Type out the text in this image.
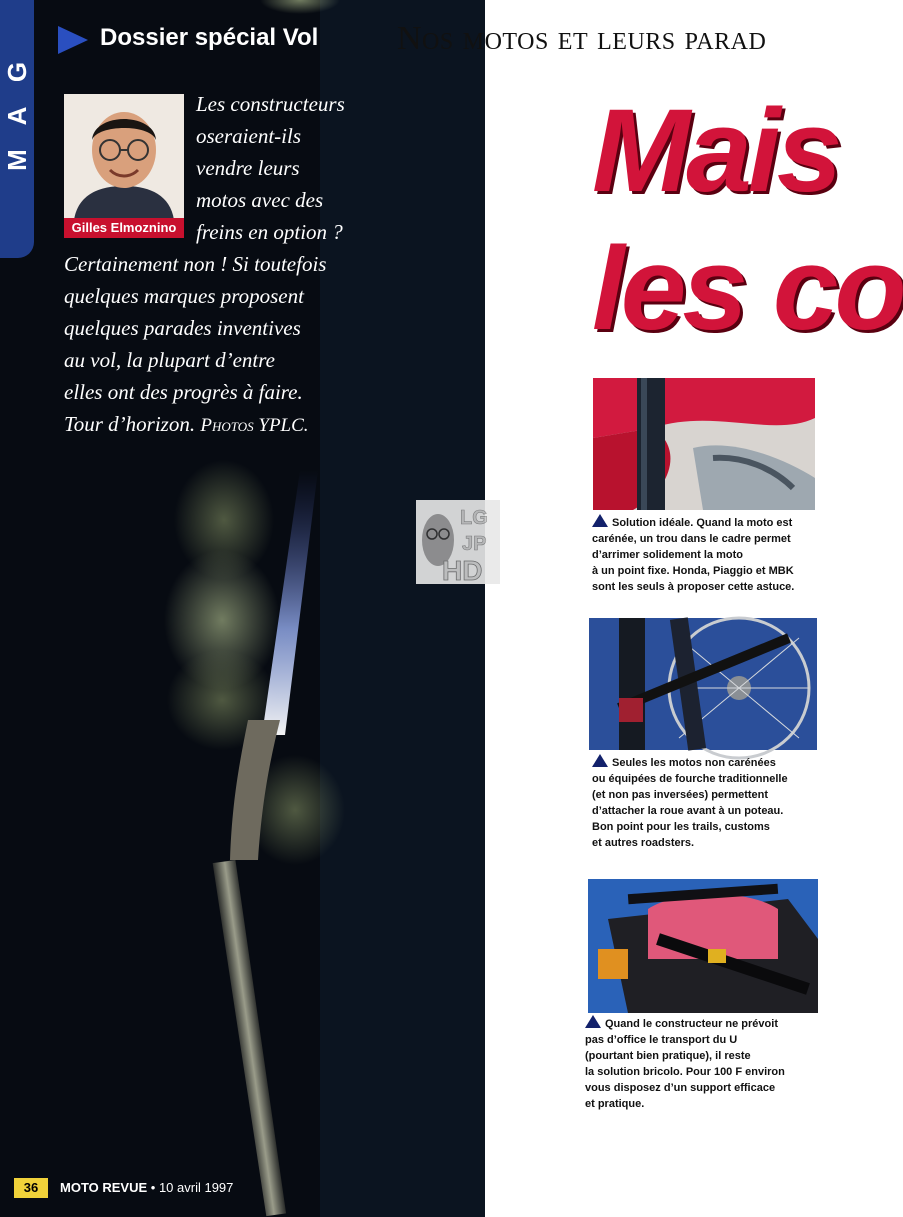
G
A
M
Dossier spécial Vol
Gilles Elmoznino
Les constructeurs
oseraient-ils
vendre leurs
motos avec des
freins en option ?
Certainement non ! Si toutefois
quelques marques proposent
quelques parades inventives
au vol, la plupart d’entre
elles ont des progrès à faire.
Tour d’horizon. Photos YPLC.
36	MOTO REVUE • 10 avril 1997
Nos motos et leurs parad
Mais
les co
Solution idéale. Quand la moto est
carénée, un trou dans le cadre permet
d’arrimer solidement la moto
à un point fixe. Honda, Piaggio et MBK
sont les seuls à proposer cette astuce.
Seules les motos non carénées
ou équipées de fourche traditionnelle
(et non pas inversées) permettent
d’attacher la roue avant à un poteau.
Bon point pour les trails, customs
et autres roadsters.
Quand le constructeur ne prévoit
pas d’office le transport du U
(pourtant bien pratique), il reste
la solution bricolo. Pour 100 F environ
vous disposez d’un support efficace
et pratique.
LG
JP
HD
